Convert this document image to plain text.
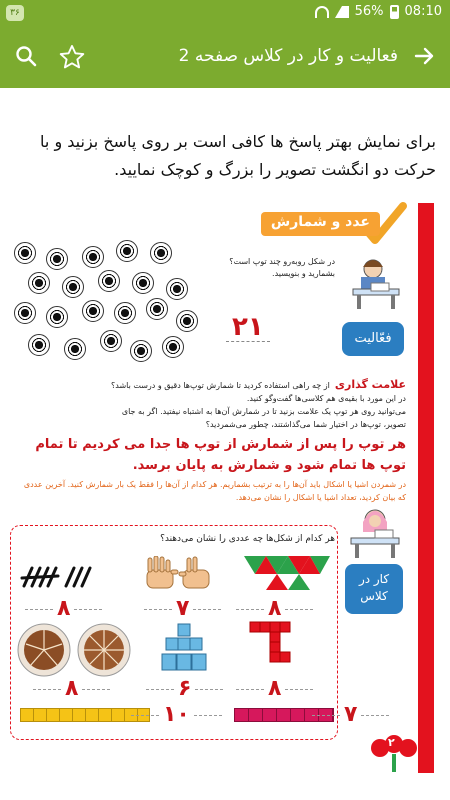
۳۶	56% 08:10
فعالیت و کار در کلاس صفحه 2
برای نمایش بهتر پاسخ ها کافی است بر روی پاسخ بزنید و با حرکت دو انگشت تصویر را بزرگ و کوچک نمایید.
عدد و شمارش
در شکل روبه‌رو چند توپ است؟ بشمارید و بنویسید.
۲۱	فعّالیت
علامت گذاری  از چه راهی استفاده کردید تا شمارش توپ‌ها دقیق و درست باشد؟
در این مورد با بقیه‌ی هم کلاسی‌ها گفت‌وگو کنید.
می‌توانید روی هر توپ یک علامت بزنید تا در شمارش آن‌ها به اشتباه نیفتید. اگر به جای
تصویر، توپ‌ها در اختیار شما می‌گذاشتند، چطور می‌شمردید؟
هر توپ را پس از شمارش از توپ ها جدا می کردیم تا تمام توپ ها تمام شود و شمارش به پایان برسد.
در شمردن اشیا یا اشکال باید آن‌ها را به ترتیب بشماریم. هر کدام از آن‌ها را فقط یک بار شمارش کنید. آخرین عددی که بیان کردید، تعداد اشیا یا اشکال را نشان می‌دهد.
کار در
کلاس
هر کدام از شکل‌ها چه عددی را نشان می‌دهند؟
۸	۷	۸
۸	۶	۸
۱۰	۷
۲
